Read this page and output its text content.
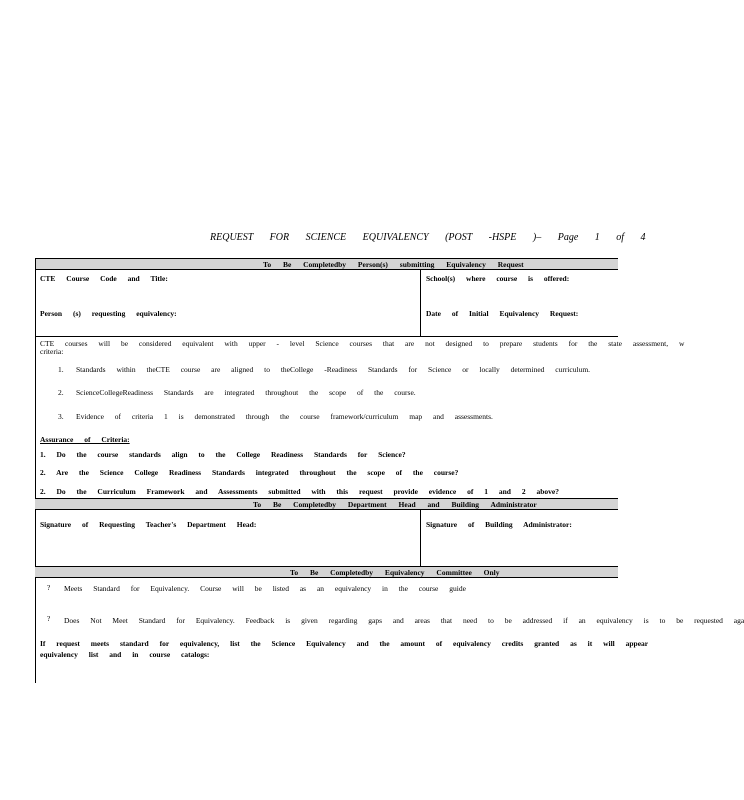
REQUEST FOR SCIENCE EQUIVALENCY (POST -HSPE )– Page 1 of 4
To Be Completedby Person(s) submitting Equivalency Request
CTE Course Code and Title:	School(s) where course is offered:
Person (s) requesting equivalency:	Date of Initial Equivalency Request:
CTE courses will be considered equivalent with upper - level Science courses that are not designed to prepare students for the state assessment, w
criteria:
1. Standards within theCTE course are aligned to theCollege -Readiness Standards for Science or locally determined curriculum.
2. ScienceCollegeReadiness Standards are integrated throughout the scope of the course.
3. Evidence of criteria 1 is demonstrated through the course framework/curriculum map and assessments.
Assurance of Criteria:
1. Do the course standards align to the College Readiness Standards for Science?
2. Are the Science College Readiness Standards integrated throughout the scope of the course?
2. Do the Curriculum Framework and Assessments submitted with this request provide evidence of 1 and 2 above?
To Be Completedby Department Head and Building Administrator
Signature of Requesting Teacher's Department Head:	Signature of Building Administrator:
To Be Completedby Equivalency Committee Only
? Meets Standard for Equivalency. Course will be listed as an equivalency in the course guide
? Does Not Meet Standard for Equivalency. Feedback is given regarding gaps and areas that need to be addressed if an equivalency is to be requested aga
If request meets standard for equivalency, list the Science Equivalency and the amount of equivalency credits granted as it will appear
equivalency list and in course catalogs:
